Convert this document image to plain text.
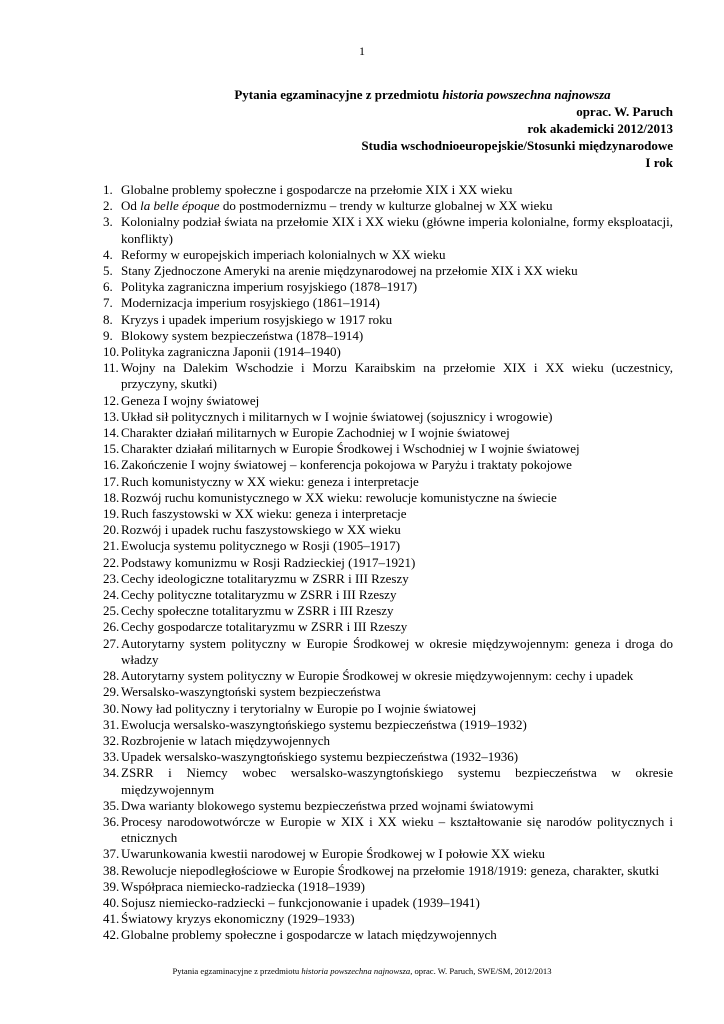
1
Pytania egzaminacyjne z przedmiotu historia powszechna najnowsza
oprac. W. Paruch
rok akademicki 2012/2013
Studia wschodnioeuropejskie/Stosunki międzynarodowe
I rok
1. Globalne problemy społeczne i gospodarcze na przełomie XIX i XX wieku
2. Od la belle époque do postmodernizmu – trendy w kulturze globalnej w XX wieku
3. Kolonialny podział świata na przełomie XIX i XX wieku (główne imperia kolonialne, formy eksploatacji, konflikty)
4. Reformy w europejskich imperiach kolonialnych w XX wieku
5. Stany Zjednoczone Ameryki na arenie międzynarodowej na przełomie XIX i XX wieku
6. Polityka zagraniczna imperium rosyjskiego (1878–1917)
7. Modernizacja imperium rosyjskiego (1861–1914)
8. Kryzys i upadek imperium rosyjskiego w 1917 roku
9. Blokowy system bezpieczeństwa (1878–1914)
10. Polityka zagraniczna Japonii (1914–1940)
11. Wojny na Dalekim Wschodzie i Morzu Karaibskim na przełomie XIX i XX wieku (uczestnicy, przyczyny, skutki)
12. Geneza I wojny światowej
13. Układ sił politycznych i militarnych w I wojnie światowej (sojusznicy i wrogowie)
14. Charakter działań militarnych w Europie Zachodniej w I wojnie światowej
15. Charakter działań militarnych w Europie Środkowej i Wschodniej w I wojnie światowej
16. Zakończenie I wojny światowej – konferencja pokojowa w Paryżu i traktaty pokojowe
17. Ruch komunistyczny w XX wieku: geneza i interpretacje
18. Rozwój ruchu komunistycznego w XX wieku: rewolucje komunistyczne na świecie
19. Ruch faszystowski w XX wieku: geneza i interpretacje
20. Rozwój i upadek ruchu faszystowskiego w XX wieku
21. Ewolucja systemu politycznego w Rosji (1905–1917)
22. Podstawy komunizmu w Rosji Radzieckiej (1917–1921)
23. Cechy ideologiczne totalitaryzmu w ZSRR i III Rzeszy
24. Cechy polityczne totalitaryzmu w ZSRR i III Rzeszy
25. Cechy społeczne totalitaryzmu w ZSRR i III Rzeszy
26. Cechy gospodarcze totalitaryzmu w ZSRR i III Rzeszy
27. Autorytarny system polityczny w Europie Środkowej w okresie międzywojennym: geneza i droga do władzy
28. Autorytarny system polityczny w Europie Środkowej w okresie międzywojennym: cechy i upadek
29. Wersalsko-waszyngtoński system bezpieczeństwa
30. Nowy ład polityczny i terytorialny w Europie po I wojnie światowej
31. Ewolucja wersalsko-waszyngtońskiego systemu bezpieczeństwa (1919–1932)
32. Rozbrojenie w latach międzywojennych
33. Upadek wersalsko-waszyngtońskiego systemu bezpieczeństwa (1932–1936)
34. ZSRR i Niemcy wobec wersalsko-waszyngtońskiego systemu bezpieczeństwa w okresie międzywojennym
35. Dwa warianty blokowego systemu bezpieczeństwa przed wojnami światowymi
36. Procesy narodowotwórcze w Europie w XIX i XX wieku – kształtowanie się narodów politycznych i etnicznych
37. Uwarunkowania kwestii narodowej w Europie Środkowej w I połowie XX wieku
38. Rewolucje niepodległościowe w Europie Środkowej na przełomie 1918/1919: geneza, charakter, skutki
39. Współpraca niemiecko-radziecka (1918–1939)
40. Sojusz niemiecko-radziecki – funkcjonowanie i upadek (1939–1941)
41. Światowy kryzys ekonomiczny (1929–1933)
42. Globalne problemy społeczne i gospodarcze w latach międzywojennych
Pytania egzaminacyjne z przedmiotu historia powszechna najnowsza, oprac. W. Paruch, SWE/SM, 2012/2013
